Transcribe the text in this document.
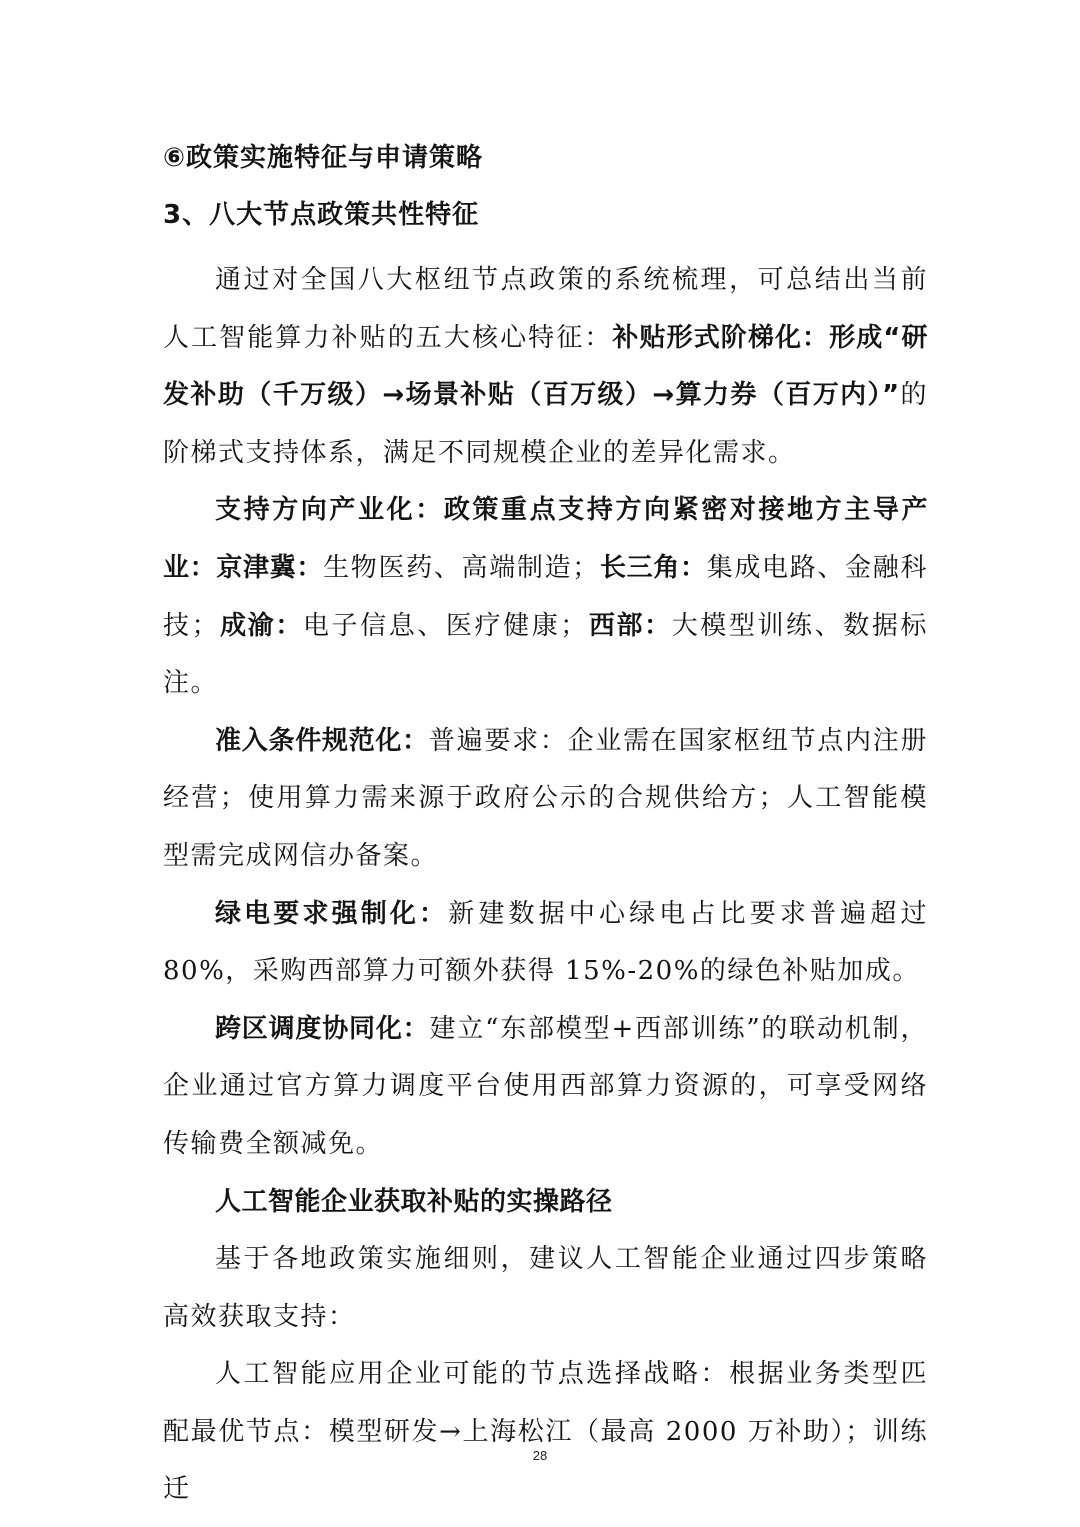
⑥政策实施特征与申请策略
3、八大节点政策共性特征

通过对全国八大枢纽节点政策的系统梳理，可总结出当前人工智能算力补贴的五大核心特征：补贴形式阶梯化：形成“研发补助（千万级）→场景补贴（百万级）→算力券（百万内）”的阶梯式支持体系，满足不同规模企业的差异化需求。

支持方向产业化：政策重点支持方向紧密对接地方主导产业：京津冀：生物医药、高端制造；长三角：集成电路、金融科技；成渝：电子信息、医疗健康；西部：大模型训练、数据标注。

准入条件规范化：普遍要求：企业需在国家枢纽节点内注册经营；使用算力需来源于政府公示的合规供给方；人工智能模型需完成网信办备案。

绿电要求强制化：新建数据中心绿电占比要求普遍超过 80%，采购西部算力可额外获得 15%-20%的绿色补贴加成。

跨区调度协同化：建立“东部模型+西部训练”的联动机制，企业通过官方算力调度平台使用西部算力资源的，可享受网络传输费全额减免。

人工智能企业获取补贴的实操路径

基于各地政策实施细则，建议人工智能企业通过四步策略高效获取支持：

人工智能应用企业可能的节点选择战略：根据业务类型匹配最优节点：模型研发→上海松江（最高 2000 万补助）；训练迁

28
